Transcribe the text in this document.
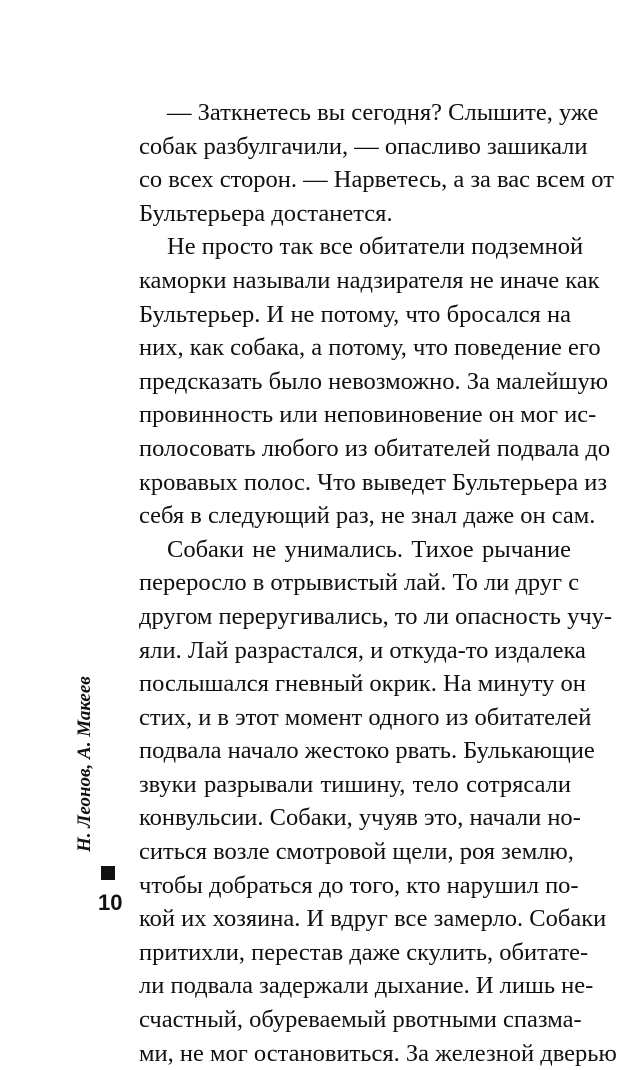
— Заткнетесь вы сегодня? Слышите, уже
собак разбулгачили, — опасливо зашикали
со всех сторон. — Нарветесь, а за вас всем от
Бультерьера достанется.
Не просто так все обитатели подземной
каморки называли надзирателя не иначе как
Бультерьер. И не потому, что бросался на
них, как собака, а потому, что поведение его
предсказать было невозможно. За малейшую
провинность или неповиновение он мог ис-
полосовать любого из обитателей подвала до
кровавых полос. Что выведет Бультерьера из
себя в следующий раз, не знал даже он сам.
Собаки не унимались. Тихое рычание
переросло в отрывистый лай. То ли друг с
другом переругивались, то ли опасность учу-
яли. Лай разрастался, и откуда-то издалека
послышался гневный окрик. На минуту он
стих, и в этот момент одного из обитателей
подвала начало жестоко рвать. Булькающие
звуки разрывали тишину, тело сотрясали
конвульсии. Собаки, учуяв это, начали но-
ситься возле смотровой щели, роя землю,
чтобы добраться до того, кто нарушил по-
кой их хозяина. И вдруг все замерло. Собаки
притихли, перестав даже скулить, обитате-
ли подвала задержали дыхание. И лишь не-
счастный, обуреваемый рвотными спазма-
ми, не мог остановиться. За железной дверью
Н. Леонов, А. Макеев
10
